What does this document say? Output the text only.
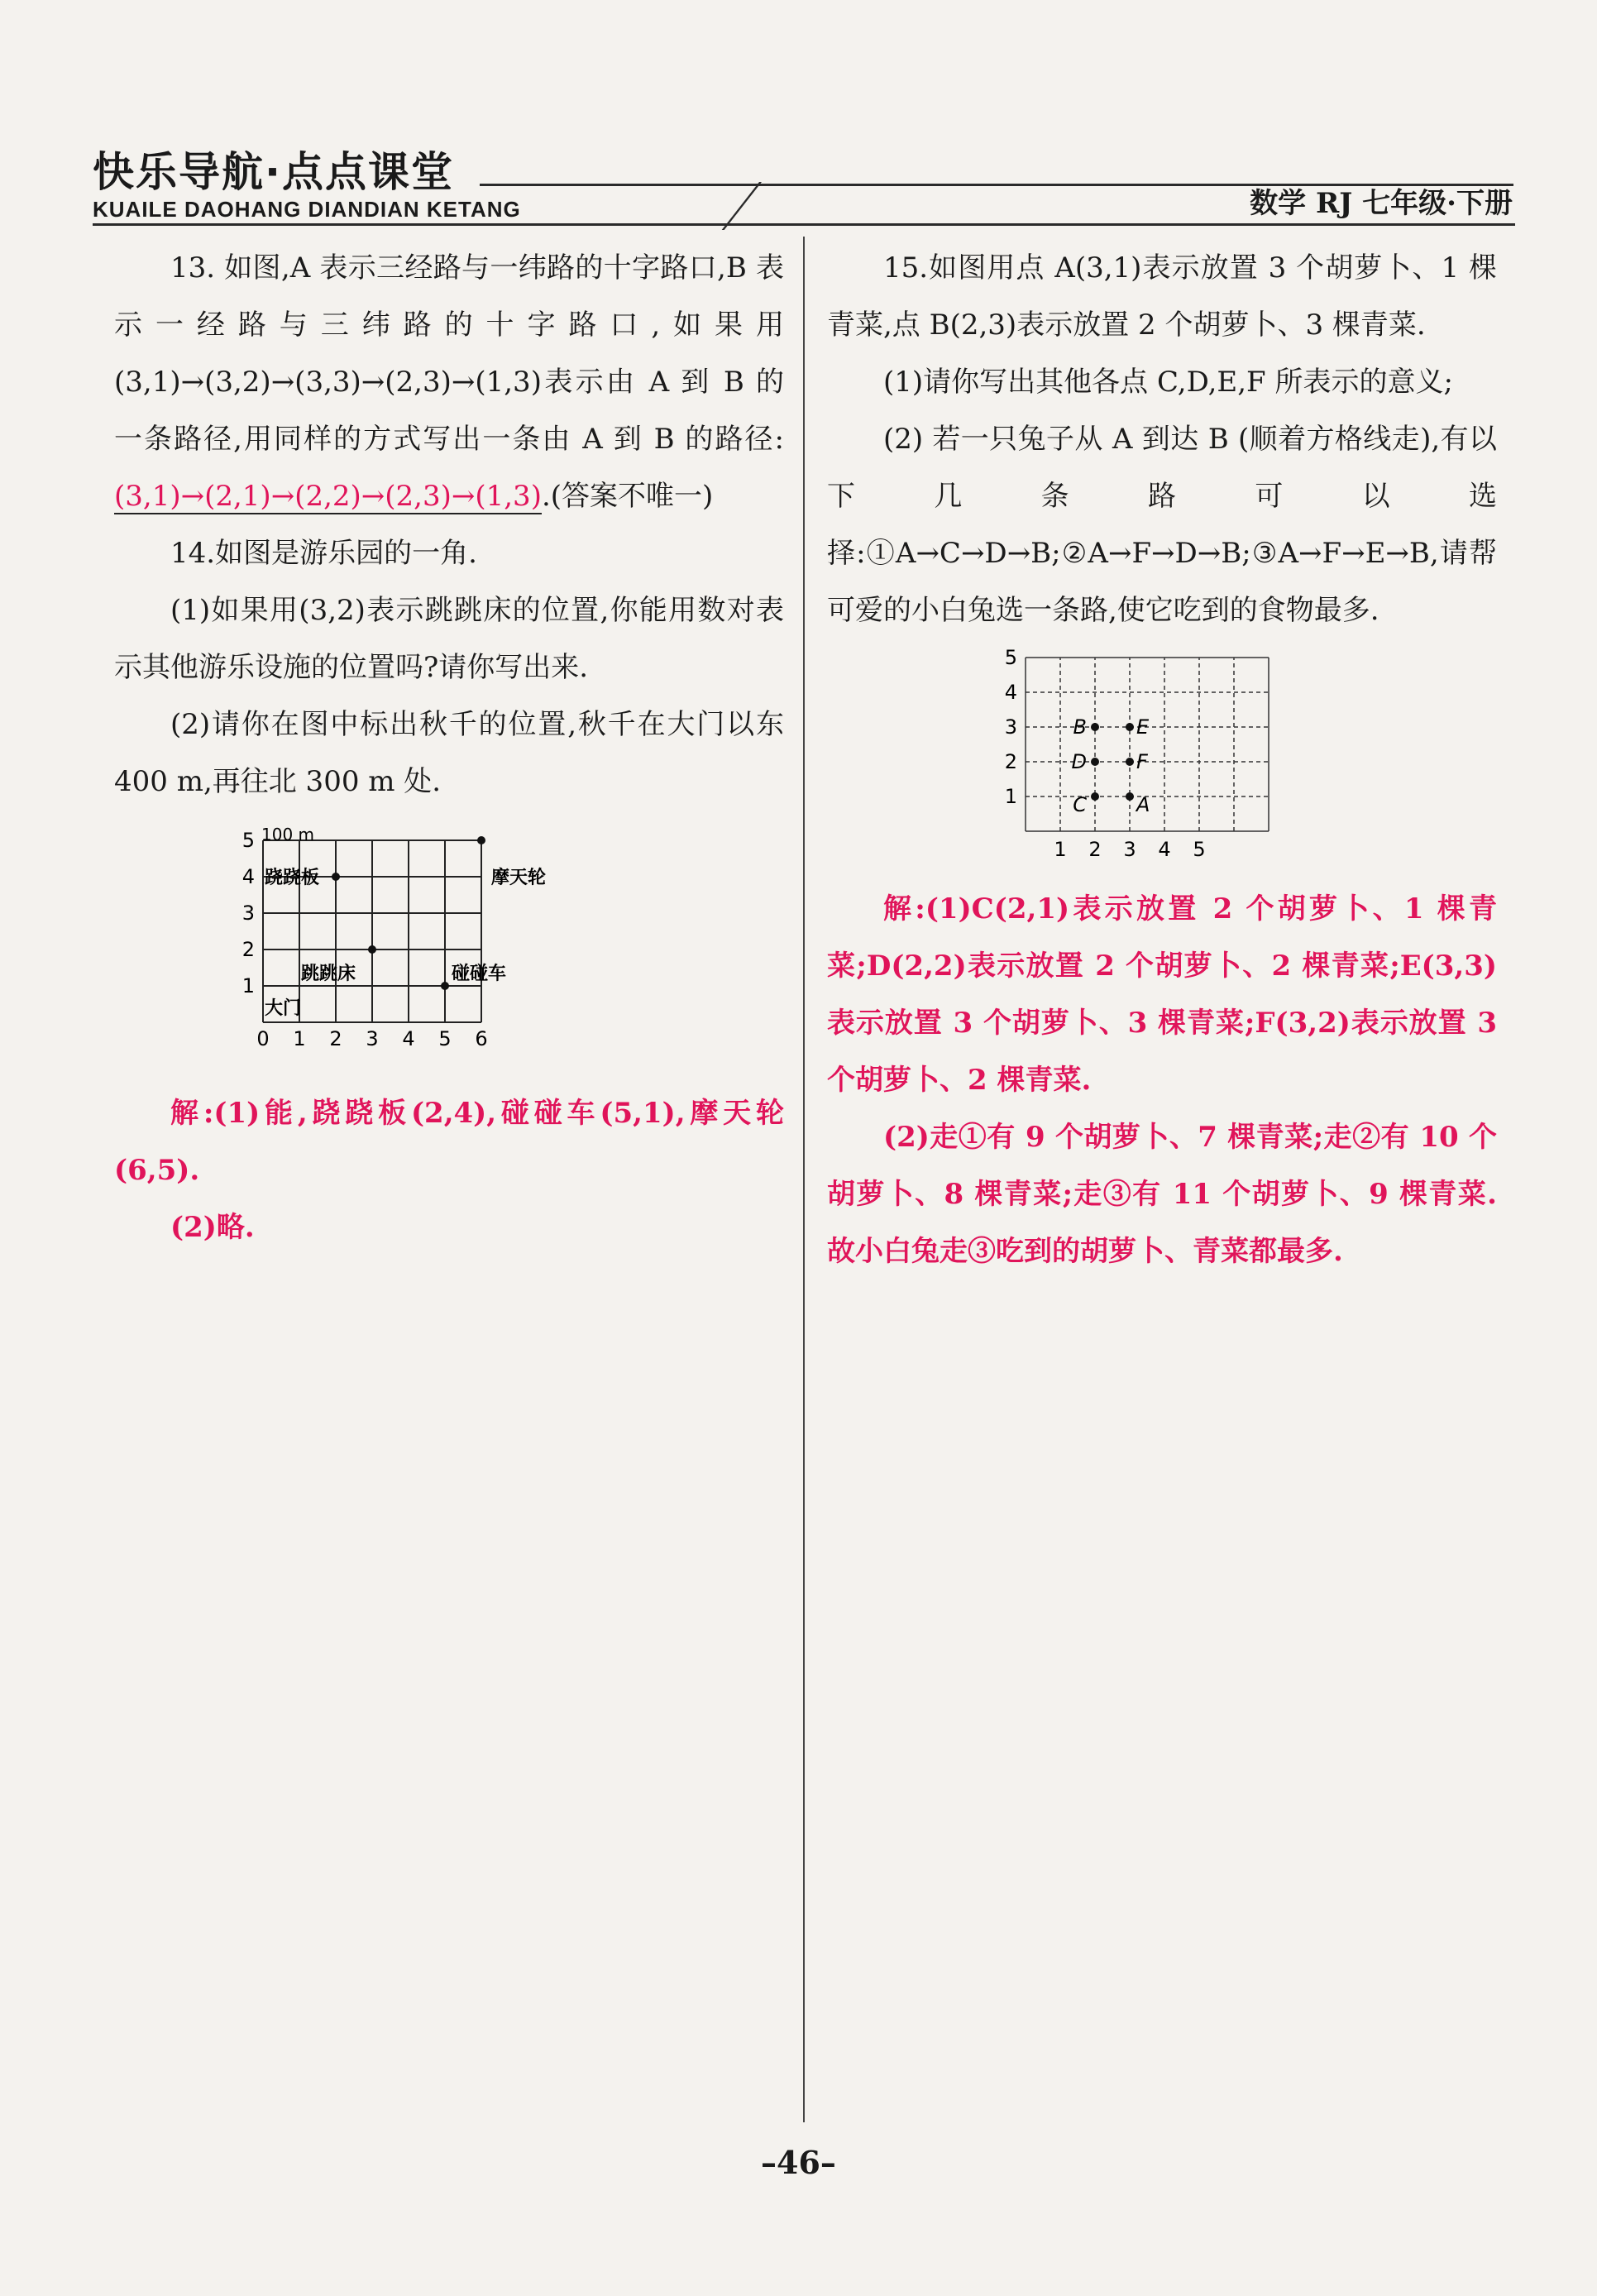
快乐导航·点点课堂
KUAILE DAOHANG DIANDIAN KETANG	数学 RJ 七年级·下册

13. 如图,A 表示三经路与一纬路的十字路口,B 表示一经路与三纬路的十字路口,如果用(3,1)→(3,2)→(3,3)→(2,3)→(1,3)表示由 A 到 B 的一条路径,用同样的方式写出一条由 A 到 B 的路径:(3,1)→(2,1)→(2,2)→(2,3)→(1,3).(答案不唯一)

14.如图是游乐园的一角.

(1)如果用(3,2)表示跳跳床的位置,你能用数对表示其他游乐设施的位置吗?请你写出来.

(2)请你在图中标出秋千的位置,秋千在大门以东 400 m,再往北 300 m 处.

0 1 2 3 4 5 6
1
2
3
4
5 100 m
跷跷板	摩天轮
跳跳床	碰碰车
大门

解:(1)能,跷跷板(2,4),碰碰车(5,1),摩天轮(6,5).

(2)略.

15.如图用点 A(3,1)表示放置 3 个胡萝卜、1 棵青菜,点 B(2,3)表示放置 2 个胡萝卜、3 棵青菜.

(1)请你写出其他各点 C,D,E,F 所表示的意义;

(2) 若一只兔子从 A 到达 B (顺着方格线走),有以下几条路可以选择:①A→C→D→B;②A→F→D→B;③A→F→E→B,请帮可爱的小白兔选一条路,使它吃到的食物最多.

1 2 3 4 5
1
2
3
4
5
A
B
C
D
E
F

解:(1)C(2,1)表示放置 2 个胡萝卜、1 棵青菜;D(2,2)表示放置 2 个胡萝卜、2 棵青菜;E(3,3)表示放置 3 个胡萝卜、3 棵青菜;F(3,2)表示放置 3 个胡萝卜、2 棵青菜.

(2)走①有 9 个胡萝卜、7 棵青菜;走②有 10 个胡萝卜、8 棵青菜;走③有 11 个胡萝卜、9 棵青菜.故小白兔走③吃到的胡萝卜、青菜都最多.

–46–
